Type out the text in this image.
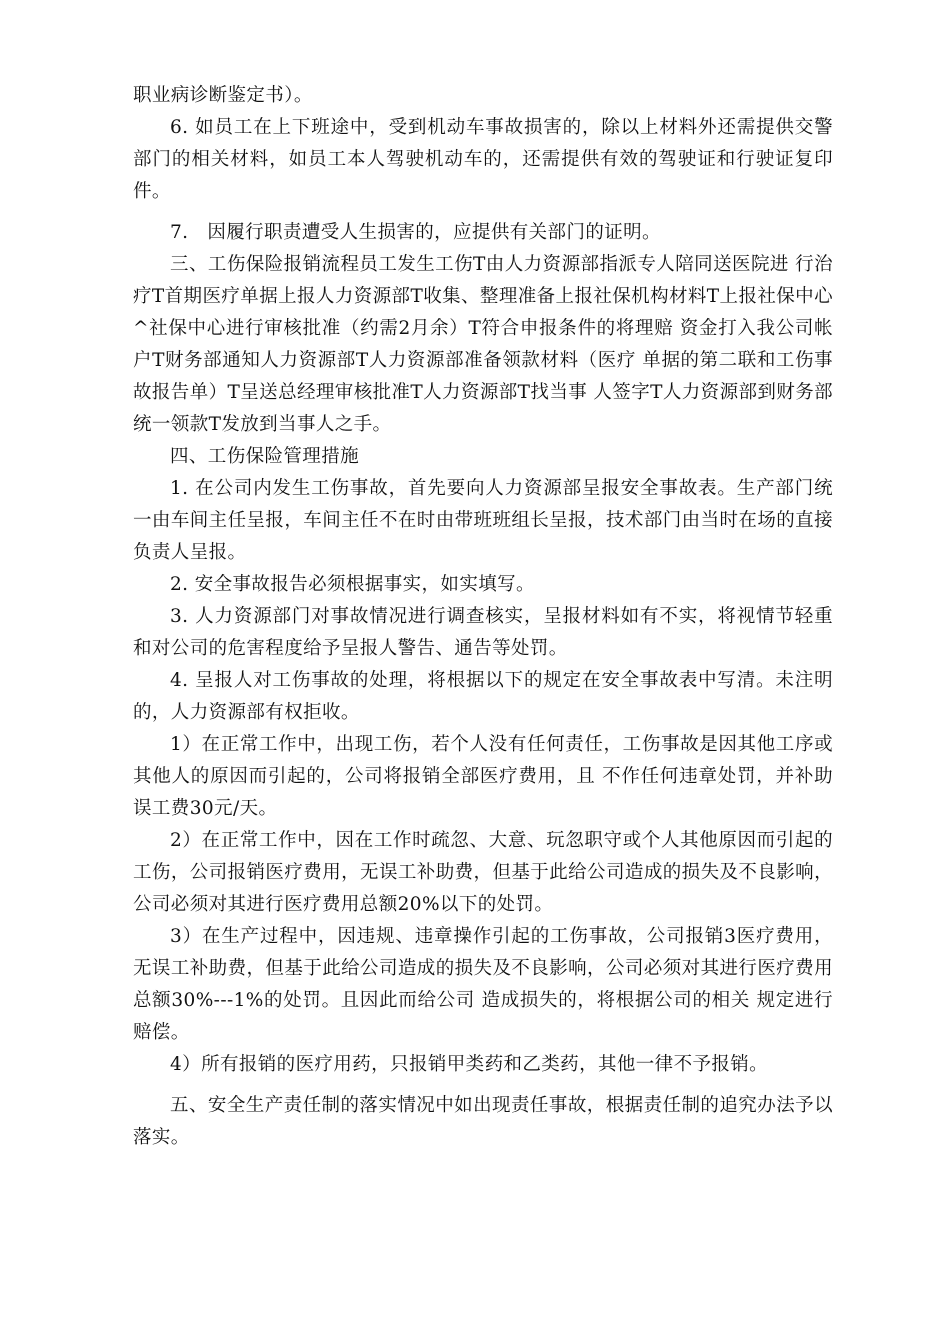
职业病诊断鉴定书）。

6. 如员工在上下班途中，受到机动车事故损害的，除以上材料外还需提供交警部门的相关材料，如员工本人驾驶机动车的，还需提供有效的驾驶证和行驶证复印件。

7.　因履行职责遭受人生损害的，应提供有关部门的证明。

三、工伤保险报销流程员工发生工伤T由人力资源部指派专人陪同送医院进 行治疗T首期医疗单据上报人力资源部T收集、整理准备上报社保机构材料T上报社保中心^社保中心进行审核批准（约需2月余）T符合申报条件的将理赔 资金打入我公司帐户T财务部通知人力资源部T人力资源部准备领款材料（医疗 单据的第二联和工伤事故报告单）T呈送总经理审核批准T人力资源部T找当事 人签字T人力资源部到财务部统一领款T发放到当事人之手。

四、工伤保险管理措施

1. 在公司内发生工伤事故，首先要向人力资源部呈报安全事故表。生产部门统一由车间主任呈报，车间主任不在时由带班班组长呈报，技术部门由当时在场的直接负责人呈报。

2. 安全事故报告必须根据事实，如实填写。

3. 人力资源部门对事故情况进行调查核实，呈报材料如有不实，将视情节轻重和对公司的危害程度给予呈报人警告、通告等处罚。

4. 呈报人对工伤事故的处理，将根据以下的规定在安全事故表中写清。未注明的，人力资源部有权拒收。

1）在正常工作中，出现工伤，若个人没有任何责任，工伤事故是因其他工序或其他人的原因而引起的，公司将报销全部医疗费用，且 不作任何违章处罚，并补助误工费30元/天。

2）在正常工作中，因在工作时疏忽、大意、玩忽职守或个人其他原因而引起的工伤，公司报销医疗费用，无误工补助费，但基于此给公司造成的损失及不良影响，公司必须对其进行医疗费用总额20%以下的处罚。

3）在生产过程中，因违规、违章操作引起的工伤事故，公司报销3医疗费用，无误工补助费，但基于此给公司造成的损失及不良影响，公司必须对其进行医疗费用总额30%---1%的处罚。且因此而给公司 造成损失的，将根据公司的相关 规定进行赔偿。

4）所有报销的医疗用药，只报销甲类药和乙类药，其他一律不予报销。

五、安全生产责任制的落实情况中如出现责任事故，根据责任制的追究办法予以落实。
